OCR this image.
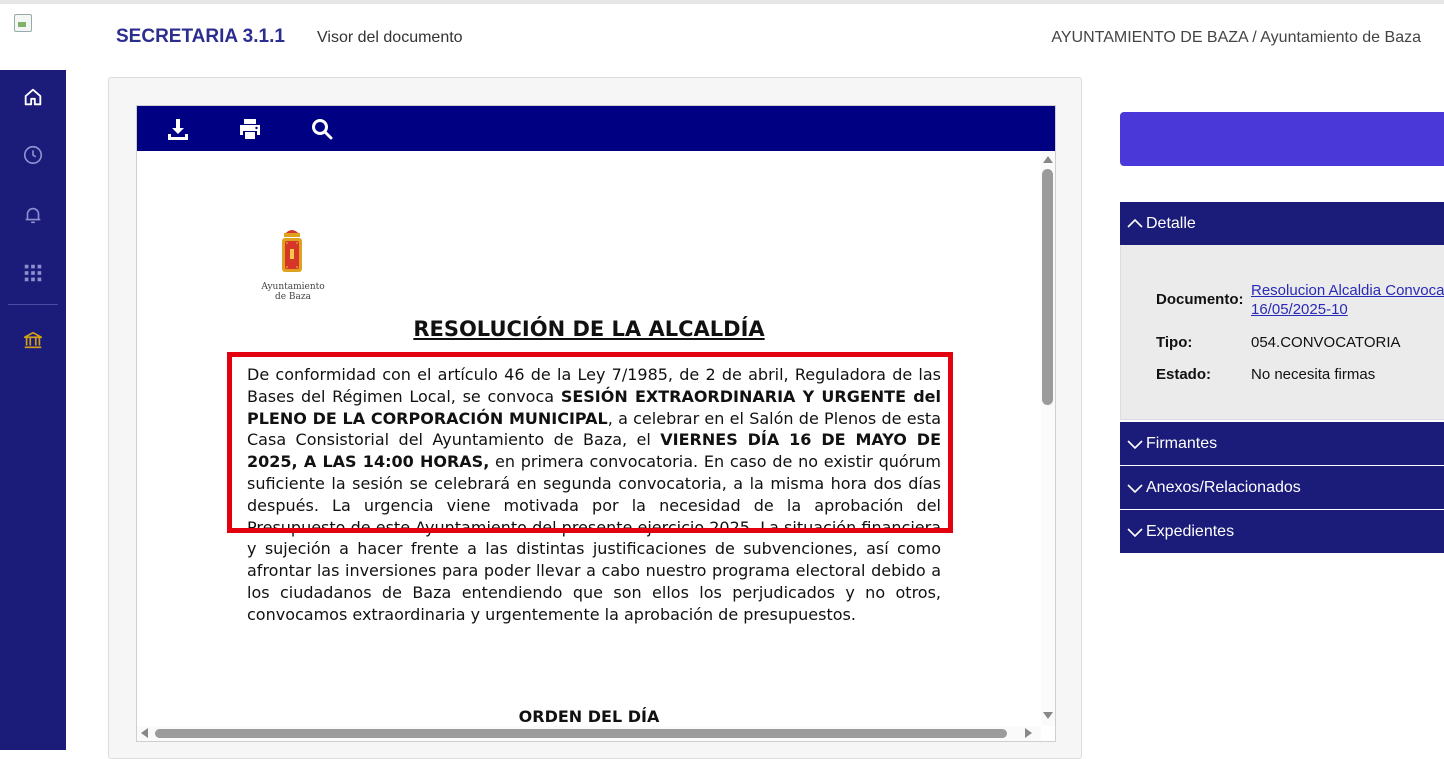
SECRETARIA 3.1.1 Visor del documento	AYUNTAMIENTO DE BAZA / Ayuntamiento de Baza
Ayuntamiento
de Baza
RESOLUCIÓN DE LA ALCALDÍA
De conformidad con el artículo 46 de la Ley 7/1985, de 2 de abril, Reguladora de las Bases del Régimen Local, se convoca SESIÓN EXTRAORDINARIA Y URGENTE del PLENO DE LA CORPORACIÓN MUNICIPAL, a celebrar en el Salón de Plenos de esta Casa Consistorial del Ayuntamiento de Baza, el VIERNES DÍA 16 DE MAYO DE 2025, A LAS 14:00 HORAS, en primera convocatoria. En caso de no existir quórum suficiente la sesión se celebrará en segunda convocatoria, a la misma hora dos días después. La urgencia viene motivada por la necesidad de la aprobación del Presupuesto de este Ayuntamiento del presente ejercicio 2025. La situación financiera y sujeción a hacer frente a las distintas justificaciones de subvenciones, así como afrontar las inversiones para poder llevar a cabo nuestro programa electoral debido a los ciudadanos de Baza entendiendo que son ellos los perjudicados y no otros, convocamos extraordinaria y urgentemente la aprobación de presupuestos.
ORDEN DEL DÍA
Detalle
Documento:
Resolucion Alcaldia Convoca
16/05/2025-10
Tipo:	054.CONVOCATORIA
Estado:	No necesita firmas
Firmantes
Anexos/Relacionados
Expedientes
